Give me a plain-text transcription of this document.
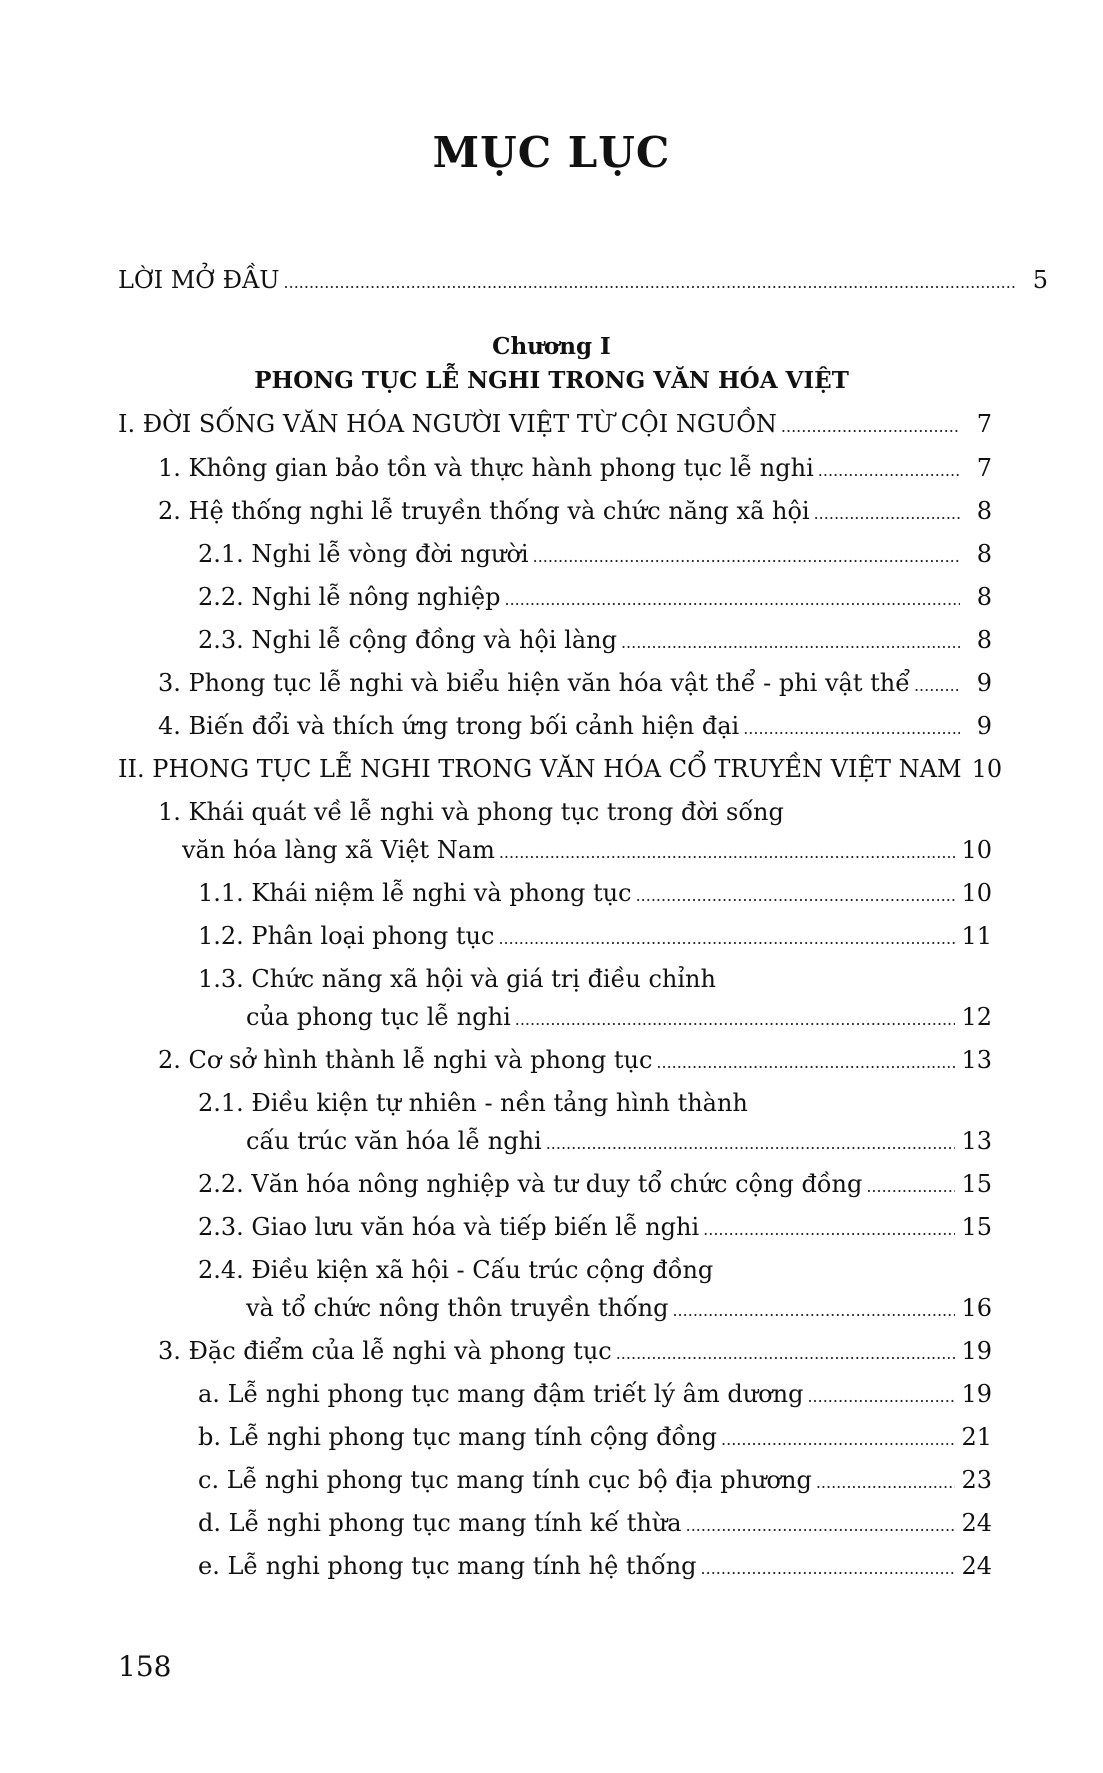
MỤC LỤC
LỜI MỞ ĐẦU .....	5
Chương I
PHONG TỤC LỄ NGHI TRONG VĂN HÓA VIỆT
I. ĐỜI SỐNG VĂN HÓA NGƯỜI VIỆT TỪ CỘI NGUỒN .....	7
1. Không gian bảo tồn và thực hành phong tục lễ nghi .....	7
2. Hệ thống nghi lễ truyền thống và chức năng xã hội .....	8
2.1. Nghi lễ vòng đời người .....	8
2.2. Nghi lễ nông nghiệp .....	8
2.3. Nghi lễ cộng đồng và hội làng .....	8
3. Phong tục lễ nghi và biểu hiện văn hóa vật thể - phi vật thể .....	9
4. Biến đổi và thích ứng trong bối cảnh hiện đại .....	9
II. PHONG TỤC LỄ NGHI TRONG VĂN HÓA CỔ TRUYỀN VIỆT NAM 10
1. Khái quát về lễ nghi và phong tục trong đời sống
văn hóa làng xã Việt Nam .....	10
1.1. Khái niệm lễ nghi và phong tục .....	10
1.2. Phân loại phong tục .....	11
1.3. Chức năng xã hội và giá trị điều chỉnh
của phong tục lễ nghi .....	12
2. Cơ sở hình thành lễ nghi và phong tục .....	13
2.1. Điều kiện tự nhiên - nền tảng hình thành
cấu trúc văn hóa lễ nghi .....	13
2.2. Văn hóa nông nghiệp và tư duy tổ chức cộng đồng .....	15
2.3. Giao lưu văn hóa và tiếp biến lễ nghi .....	15
2.4. Điều kiện xã hội - Cấu trúc cộng đồng
và tổ chức nông thôn truyền thống .....	16
3. Đặc điểm của lễ nghi và phong tục .....	19
a. Lễ nghi phong tục mang đậm triết lý âm dương .....	19
b. Lễ nghi phong tục mang tính cộng đồng .....	21
c. Lễ nghi phong tục mang tính cục bộ địa phương .....	23
d. Lễ nghi phong tục mang tính kế thừa .....	24
e. Lễ nghi phong tục mang tính hệ thống .....	24
158
